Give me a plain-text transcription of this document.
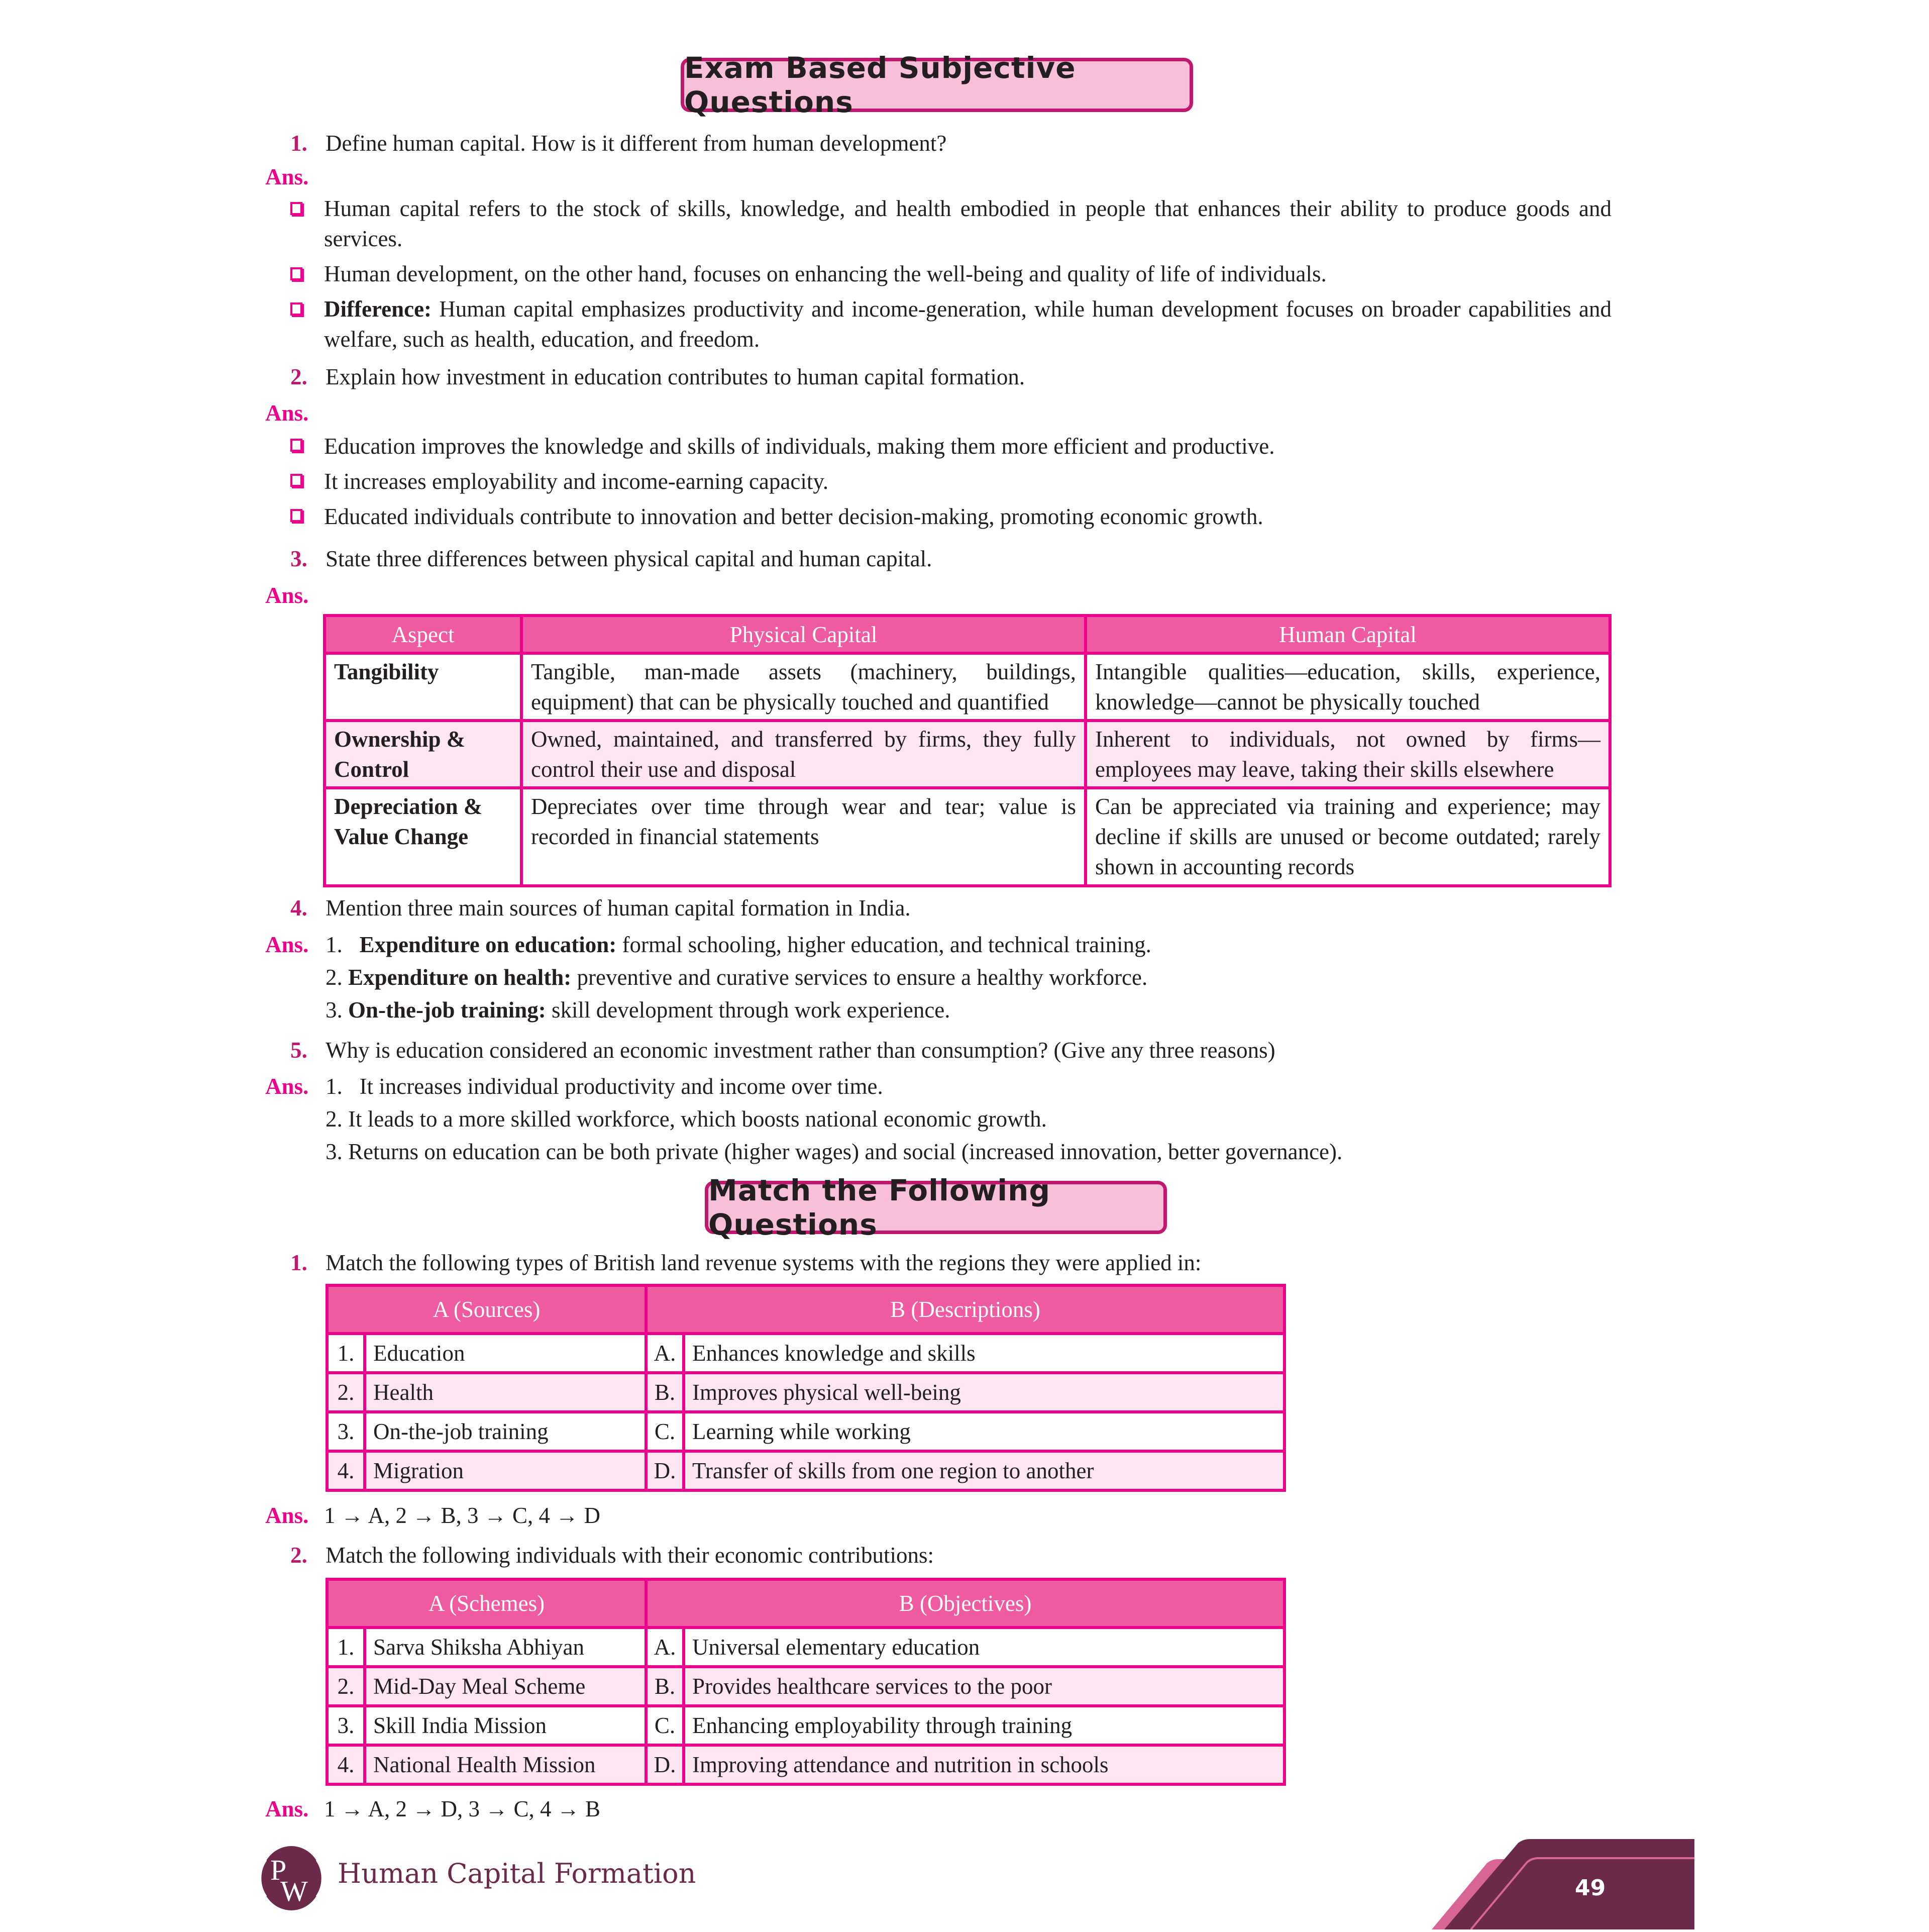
Exam Based Subjective Questions
1. Define human capital. How is it different from human development?
Ans.
Human capital refers to the stock of skills, knowledge, and health embodied in people that enhances their ability to produce goods and services.
Human development, on the other hand, focuses on enhancing the well-being and quality of life of individuals.
Difference: Human capital emphasizes productivity and income-generation, while human development focuses on broader capabilities and welfare, such as health, education, and freedom.
2. Explain how investment in education contributes to human capital formation.
Ans.
Education improves the knowledge and skills of individuals, making them more efficient and productive.
It increases employability and income-earning capacity.
Educated individuals contribute to innovation and better decision-making, promoting economic growth.
3. State three differences between physical capital and human capital.
Ans.
Aspect	Physical Capital	Human Capital
Tangibility	Tangible, man-made assets (machinery, buildings, equipment) that can be physically touched and quantified	Intangible qualities—education, skills, experience, knowledge—cannot be physically touched
Ownership & Control	Owned, maintained, and transferred by firms, they fully control their use and disposal	Inherent to individuals, not owned by firms—employees may leave, taking their skills elsewhere
Depreciation & Value Change	Depreciates over time through wear and tear; value is recorded in financial statements	Can be appreciated via training and experience; may decline if skills are unused or become outdated; rarely shown in accounting records
4. Mention three main sources of human capital formation in India.
Ans. 1. Expenditure on education: formal schooling, higher education, and technical training.
2. Expenditure on health: preventive and curative services to ensure a healthy workforce.
3. On-the-job training: skill development through work experience.
5. Why is education considered an economic investment rather than consumption? (Give any three reasons)
Ans. 1. It increases individual productivity and income over time.
2. It leads to a more skilled workforce, which boosts national economic growth.
3. Returns on education can be both private (higher wages) and social (increased innovation, better governance).
Match the Following Questions
1. Match the following types of British land revenue systems with the regions they were applied in:
A (Sources)		B (Descriptions)	
1.	Education	A.	Enhances knowledge and skills
2.	Health	B.	Improves physical well-being
3.	On-the-job training	C.	Learning while working
4.	Migration	D.	Transfer of skills from one region to another
Ans. 1 → A, 2 → B, 3 → C, 4 → D
2. Match the following individuals with their economic contributions:
A (Schemes)		B (Objectives)	
1.	Sarva Shiksha Abhiyan	A.	Universal elementary education
2.	Mid-Day Meal Scheme	B.	Provides healthcare services to the poor
3.	Skill India Mission	C.	Enhancing employability through training
4.	National Health Mission	D.	Improving attendance and nutrition in schools
Ans. 1 → A, 2 → D, 3 → C, 4 → B
P
W
Human Capital Formation	49
